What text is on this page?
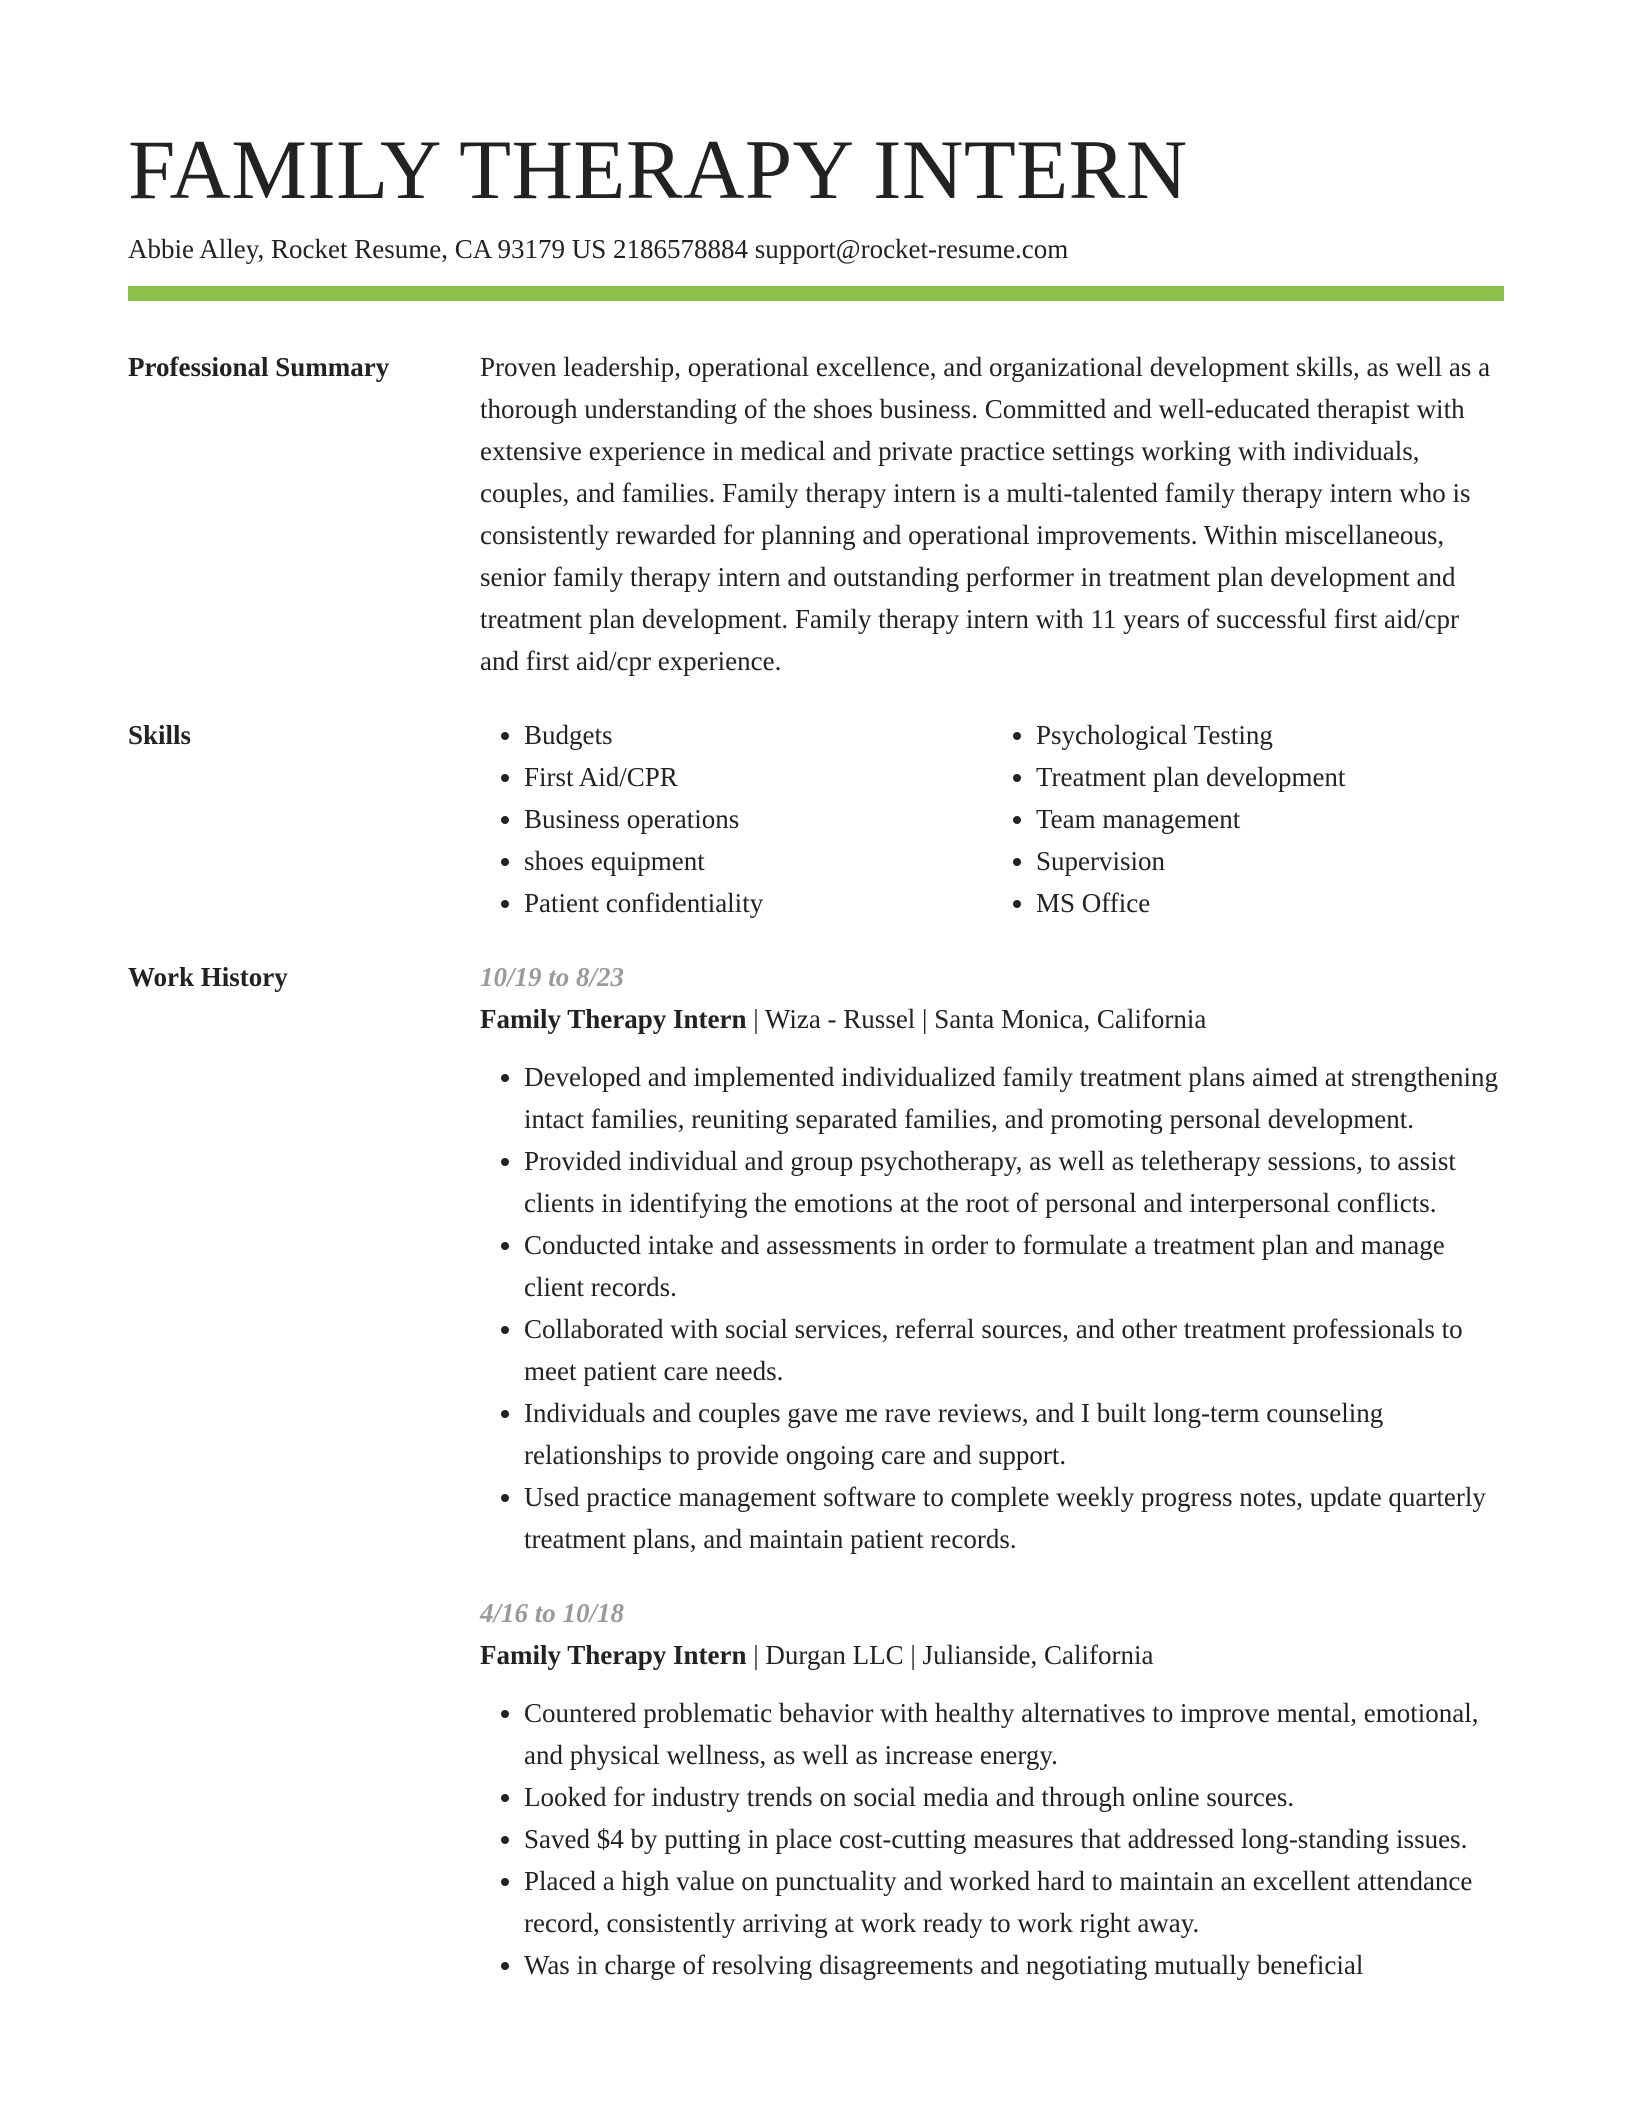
FAMILY THERAPY INTERN
Abbie Alley, Rocket Resume, CA 93179 US 2186578884 support@rocket-resume.com
Professional Summary	Proven leadership, operational excellence, and organizational development skills, as well as a thorough understanding of the shoes business. Committed and well-educated therapist with extensive experience in medical and private practice settings working with individuals, couples, and families. Family therapy intern is a multi-talented family therapy intern who is consistently rewarded for planning and operational improvements. Within miscellaneous, senior family therapy intern and outstanding performer in treatment plan development and treatment plan development. Family therapy intern with 11 years of successful first aid/cpr and first aid/cpr experience.

Skills
•	Budgets
• First Aid/CPR
• Business operations
• shoes equipment
• Patient confidentiality
• Psychological Testing
• Treatment plan development
• Team management
• Supervision
• MS Office
Work History	10/19 to 8/23
Family Therapy Intern | Wiza - Russel | Santa Monica, California
• Developed and implemented individualized family treatment plans aimed at strengthening intact families, reuniting separated families, and promoting personal development.
• Provided individual and group psychotherapy, as well as teletherapy sessions, to assist clients in identifying the emotions at the root of personal and interpersonal conflicts.
• Conducted intake and assessments in order to formulate a treatment plan and manage client records.
• Collaborated with social services, referral sources, and other treatment professionals to meet patient care needs.
• Individuals and couples gave me rave reviews, and I built long-term counseling relationships to provide ongoing care and support.
• Used practice management software to complete weekly progress notes, update quarterly treatment plans, and maintain patient records.
4/16 to 10/18
Family Therapy Intern | Durgan LLC | Julianside, California
• Countered problematic behavior with healthy alternatives to improve mental, emotional, and physical wellness, as well as increase energy.
• Looked for industry trends on social media and through online sources.
• Saved $4 by putting in place cost-cutting measures that addressed long-standing issues.
• Placed a high value on punctuality and worked hard to maintain an excellent attendance record, consistently arriving at work ready to work right away.
• Was in charge of resolving disagreements and negotiating mutually beneficial
